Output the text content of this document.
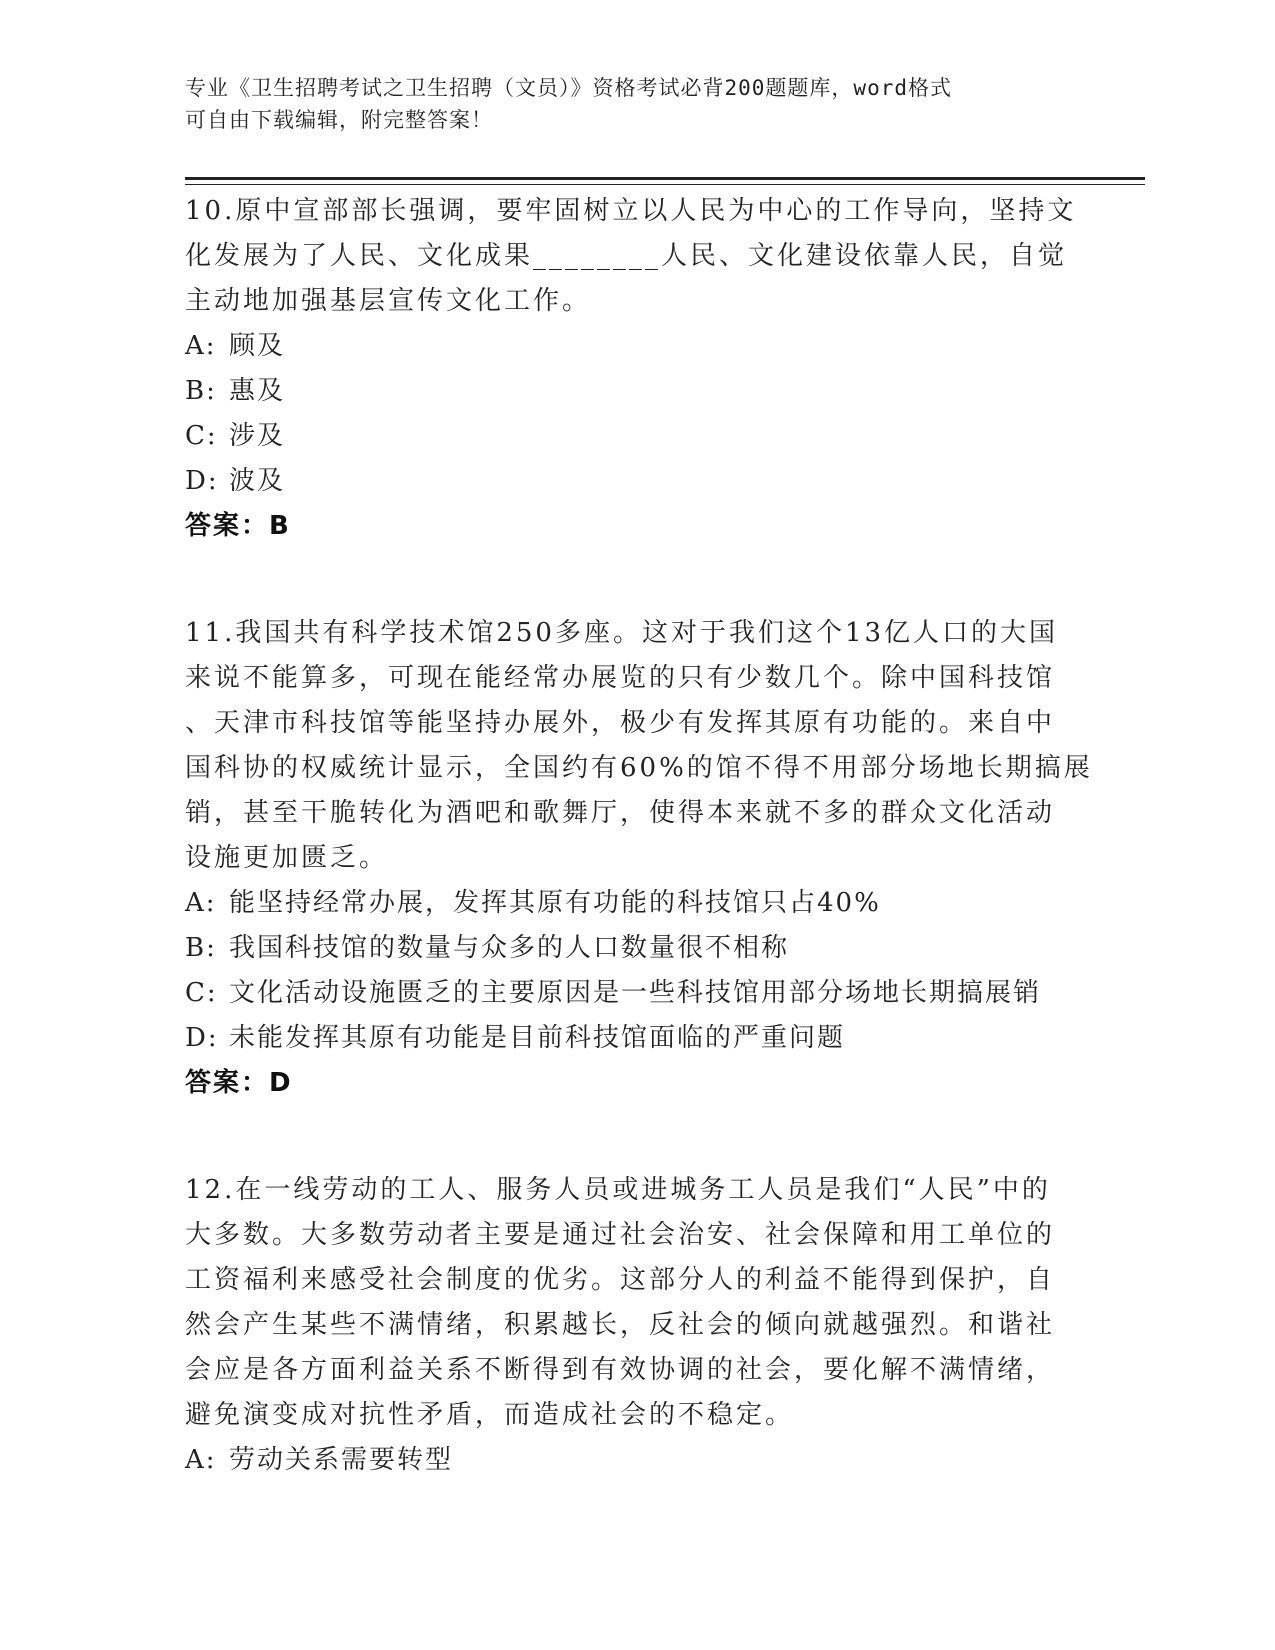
专业《卫生招聘考试之卫生招聘（文员）》资格考试必背200题题库，word格式
可自由下载编辑，附完整答案！
10.原中宣部部长强调，要牢固树立以人民为中心的工作导向，坚持文
化发展为了人民、文化成果________人民、文化建设依靠人民，自觉
主动地加强基层宣传文化工作。
A: 顾及
B: 惠及
C: 涉及
D: 波及
答案：B
11.我国共有科学技术馆250多座。这对于我们这个13亿人口的大国
来说不能算多，可现在能经常办展览的只有少数几个。除中国科技馆
、天津市科技馆等能坚持办展外，极少有发挥其原有功能的。来自中
国科协的权威统计显示，全国约有60%的馆不得不用部分场地长期搞展
销，甚至干脆转化为酒吧和歌舞厅，使得本来就不多的群众文化活动
设施更加匮乏。
A: 能坚持经常办展，发挥其原有功能的科技馆只占40%
B: 我国科技馆的数量与众多的人口数量很不相称
C: 文化活动设施匮乏的主要原因是一些科技馆用部分场地长期搞展销
D: 未能发挥其原有功能是目前科技馆面临的严重问题
答案：D
12.在一线劳动的工人、服务人员或进城务工人员是我们“人民”中的
大多数。大多数劳动者主要是通过社会治安、社会保障和用工单位的
工资福利来感受社会制度的优劣。这部分人的利益不能得到保护，自
然会产生某些不满情绪，积累越长，反社会的倾向就越强烈。和谐社
会应是各方面利益关系不断得到有效协调的社会，要化解不满情绪，
避免演变成对抗性矛盾，而造成社会的不稳定。
A: 劳动关系需要转型
